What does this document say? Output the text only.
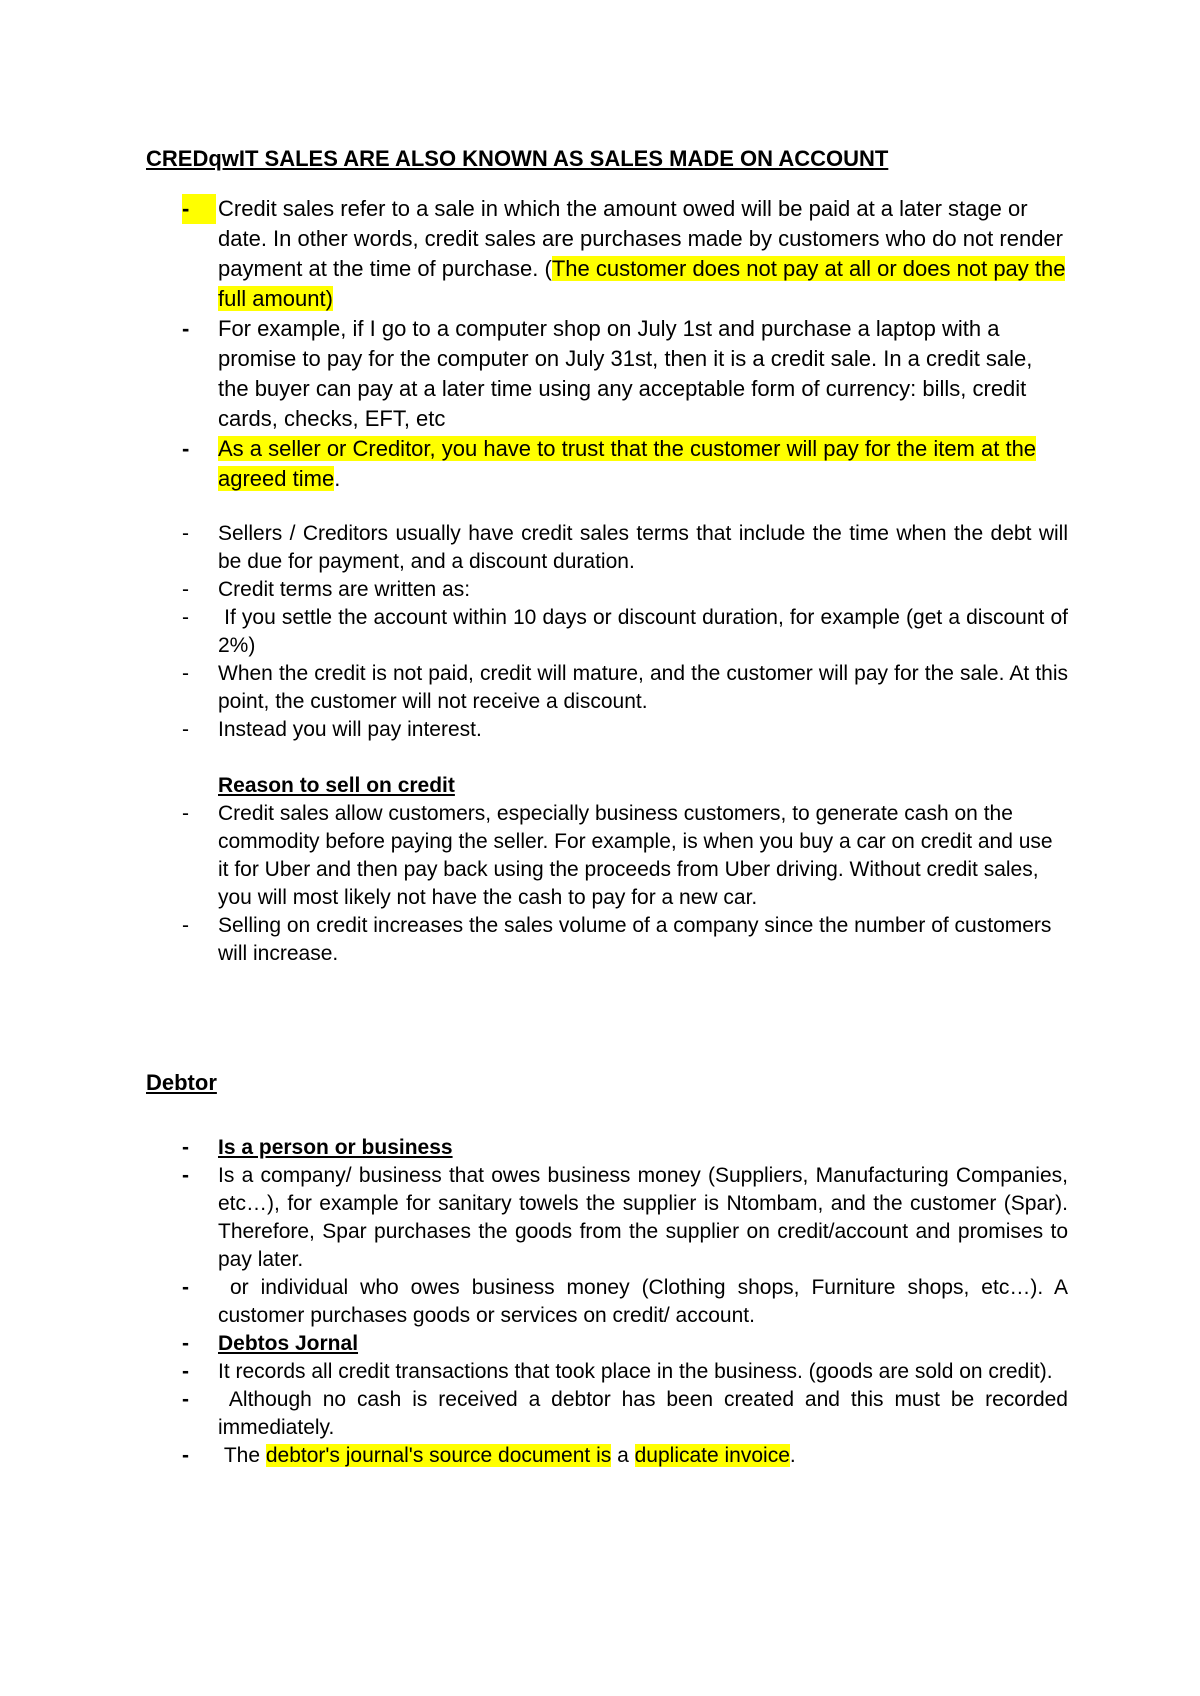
CREDqwIT SALES ARE ALSO KNOWN AS SALES MADE ON ACCOUNT
-	Credit sales refer to a sale in which the amount owed will be paid at a later stage or date. In other words, credit sales are purchases made by customers who do not render payment at the time of purchase. (The customer does not pay at all or does not pay the full amount)
-	For example, if I go to a computer shop on July 1st and purchase a laptop with a promise to pay for the computer on July 31st, then it is a credit sale. In a credit sale, the buyer can pay at a later time using any acceptable form of currency: bills, credit cards, checks, EFT, etc
-	As a seller or Creditor, you have to trust that the customer will pay for the item at the agreed time.
-	Sellers / Creditors usually have credit sales terms that include the time when the debt will be due for payment, and a discount duration.
-	Credit terms are written as:
-	If you settle the account within 10 days or discount duration, for example (get a discount of 2%)
-	When the credit is not paid, credit will mature, and the customer will pay for the sale. At this point, the customer will not receive a discount.
-	Instead you will pay interest.
Reason to sell on credit
-	Credit sales allow customers, especially business customers, to generate cash on the commodity before paying the seller. For example, is when you buy a car on credit and use it for Uber and then pay back using the proceeds from Uber driving. Without credit sales, you will most likely not have the cash to pay for a new car.
-	Selling on credit increases the sales volume of a company since the number of customers will increase.
Debtor
-	Is a person or business
-	Is a company/ business that owes business money (Suppliers, Manufacturing Companies, etc…), for example for sanitary towels the supplier is Ntombam, and the customer (Spar). Therefore, Spar purchases the goods from the supplier on credit/account and promises to pay later.
-	or individual who owes business money (Clothing shops, Furniture shops, etc…). A customer purchases goods or services on credit/ account.
-	Debtos Jornal
-	It records all credit transactions that took place in the business. (goods are sold on credit).
-	Although no cash is received a debtor has been created and this must be recorded immediately.
-	The debtor's journal's source document is a duplicate invoice.
